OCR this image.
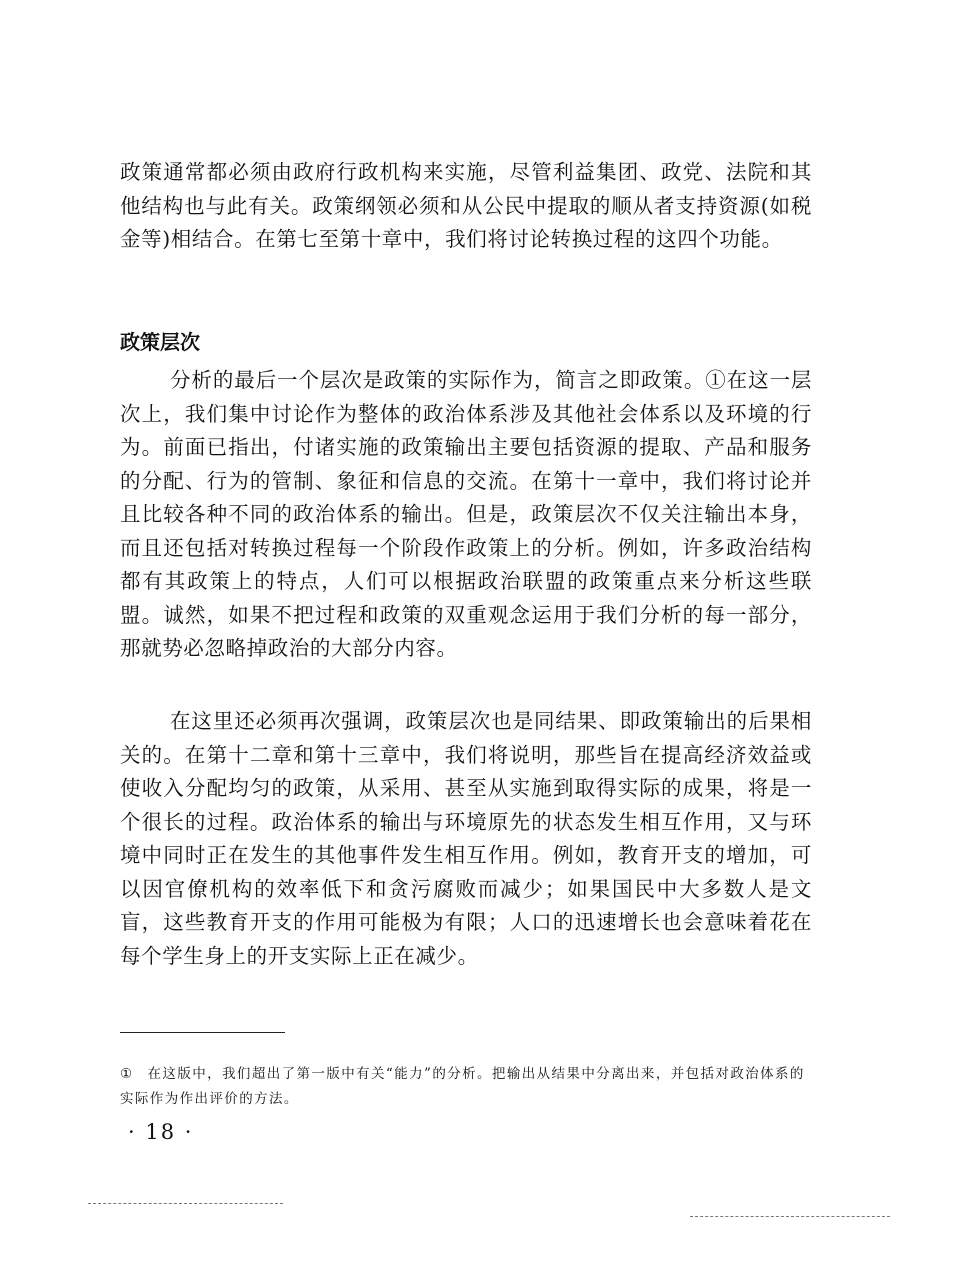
政策通常都必须由政府行政机构来实施，尽管利益集团、政党、法院和其他结构也与此有关。政策纲领必须和从公民中提取的顺从者支持资源(如税金等)相结合。在第七至第十章中，我们将讨论转换过程的这四个功能。

政策层次

分析的最后一个层次是政策的实际作为，简言之即政策。①在这一层次上，我们集中讨论作为整体的政治体系涉及其他社会体系以及环境的行为。前面已指出，付诸实施的政策输出主要包括资源的提取、产品和服务的分配、行为的管制、象征和信息的交流。在第十一章中，我们将讨论并且比较各种不同的政治体系的输出。但是，政策层次不仅关注输出本身，而且还包括对转换过程每一个阶段作政策上的分析。例如，许多政治结构都有其政策上的特点，人们可以根据政治联盟的政策重点来分析这些联盟。诚然，如果不把过程和政策的双重观念运用于我们分析的每一部分，那就势必忽略掉政治的大部分内容。

在这里还必须再次强调，政策层次也是同结果、即政策输出的后果相关的。在第十二章和第十三章中，我们将说明，那些旨在提高经济效益或使收入分配均匀的政策，从采用、甚至从实施到取得实际的成果，将是一个很长的过程。政治体系的输出与环境原先的状态发生相互作用，又与环境中同时正在发生的其他事件发生相互作用。例如，教育开支的增加，可以因官僚机构的效率低下和贪污腐败而减少；如果国民中大多数人是文盲，这些教育开支的作用可能极为有限；人口的迅速增长也会意味着花在每个学生身上的开支实际上正在减少。

① 在这版中，我们超出了第一版中有关“能力”的分析。把输出从结果中分离出来，并包括对政治体系的实际作为作出评价的方法。

· 18 ·
